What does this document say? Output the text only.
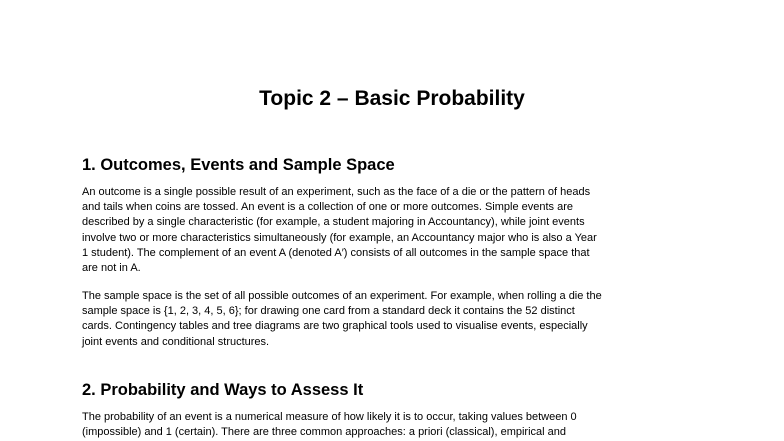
Topic 2 – Basic Probability
1. Outcomes, Events and Sample Space

An outcome is a single possible result of an experiment, such as the face of a die or the pattern of heads
and tails when coins are tossed. An event is a collection of one or more outcomes. Simple events are
described by a single characteristic (for example, a student majoring in Accountancy), while joint events
involve two or more characteristics simultaneously (for example, an Accountancy major who is also a Year
1 student). The complement of an event A (denoted A′) consists of all outcomes in the sample space that
are not in A.

The sample space is the set of all possible outcomes of an experiment. For example, when rolling a die the
sample space is {1, 2, 3, 4, 5, 6}; for drawing one card from a standard deck it contains the 52 distinct
cards. Contingency tables and tree diagrams are two graphical tools used to visualise events, especially
joint events and conditional structures.

2. Probability and Ways to Assess It

The probability of an event is a numerical measure of how likely it is to occur, taking values between 0
(impossible) and 1 (certain). There are three common approaches: a priori (classical), empirical and
